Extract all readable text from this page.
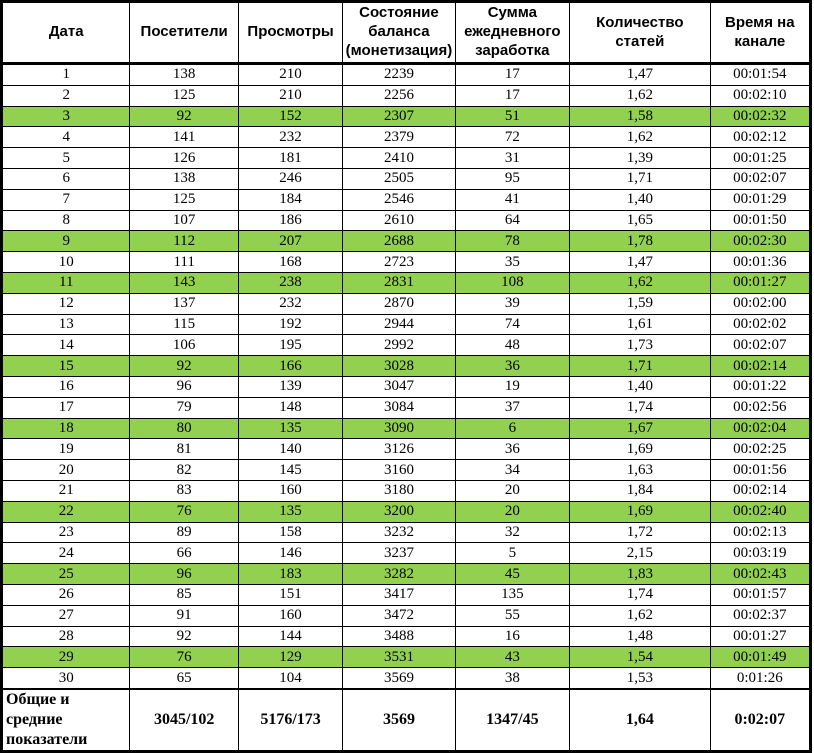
Дата	Посетители	Просмотры	Состояние баланса (монетизация)	Сумма ежедневного заработка	Количество статей	Время на канале
1	138	210	2239	17	1,47	00:01:54
2	125	210	2256	17	1,62	00:02:10
3	92	152	2307	51	1,58	00:02:32
4	141	232	2379	72	1,62	00:02:12
5	126	181	2410	31	1,39	00:01:25
6	138	246	2505	95	1,71	00:02:07
7	125	184	2546	41	1,40	00:01:29
8	107	186	2610	64	1,65	00:01:50
9	112	207	2688	78	1,78	00:02:30
10	111	168	2723	35	1,47	00:01:36
11	143	238	2831	108	1,62	00:01:27
12	137	232	2870	39	1,59	00:02:00
13	115	192	2944	74	1,61	00:02:02
14	106	195	2992	48	1,73	00:02:07
15	92	166	3028	36	1,71	00:02:14
16	96	139	3047	19	1,40	00:01:22
17	79	148	3084	37	1,74	00:02:56
18	80	135	3090	6	1,67	00:02:04
19	81	140	3126	36	1,69	00:02:25
20	82	145	3160	34	1,63	00:01:56
21	83	160	3180	20	1,84	00:02:14
22	76	135	3200	20	1,69	00:02:40
23	89	158	3232	32	1,72	00:02:13
24	66	146	3237	5	2,15	00:03:19
25	96	183	3282	45	1,83	00:02:43
26	85	151	3417	135	1,74	00:01:57
27	91	160	3472	55	1,62	00:02:37
28	92	144	3488	16	1,48	00:01:27
29	76	129	3531	43	1,54	00:01:49
30	65	104	3569	38	1,53	0:01:26
Общие и средние показатели	3045/102	5176/173	3569	1347/45	1,64	0:02:07
